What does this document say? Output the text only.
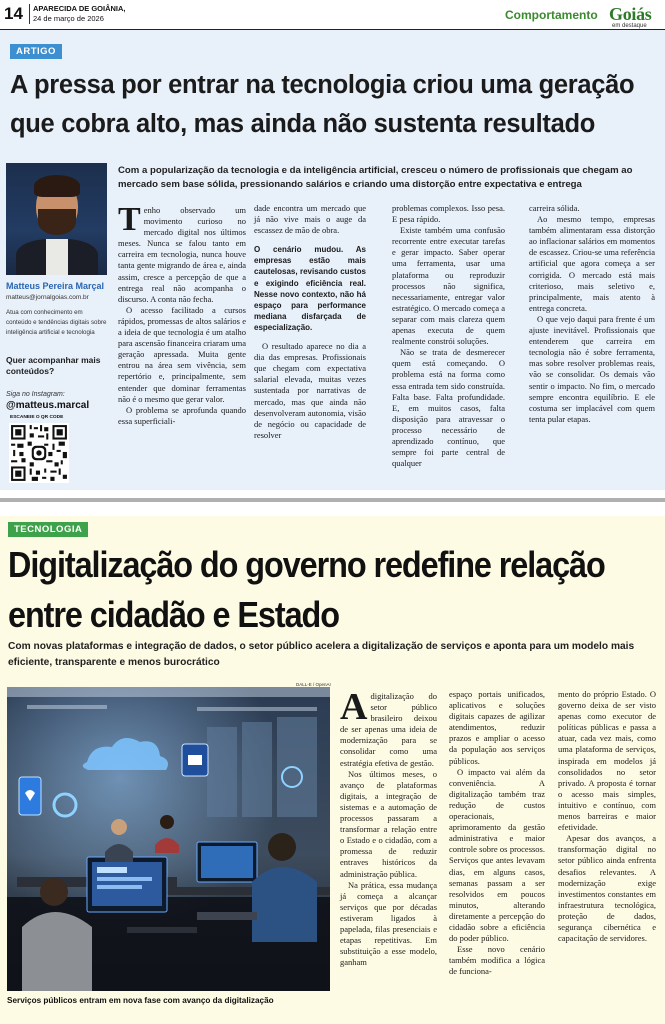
14 APARECIDA DE GOIÂNIA,
24 de março de 2026	Comportamento Goiás
em destaque
ARTIGO
A pressa por entrar na tecnologia criou uma geração que cobra alto, mas ainda não sustenta resultado
Matteus Pereira Marçal
matteus@jornalgoias.com.br
Atua com conhecimento em conteúdo e tendências digitais sobre inteligência artificial e tecnologia
Quer acompanhar mais conteúdos?
Siga no Instagram:
@matteus.marcal
ESCANEIE O QR CODE
Com a popularização da tecnologia e da inteligência artificial, cresceu o número de profissionais que chegam ao mercado sem base sólida, pressionando salários e criando uma distorção entre expectativa e entrega

Tenho observado um movimento curioso no mercado digital nos últimos meses. Nunca se falou tanto em carreira em tecnologia, nunca houve tanta gente migrando de área e, ainda assim, cresce a percepção de que a entrega real não acompanha o discurso. A conta não fecha.

O acesso facilitado a cursos rápidos, promessas de altos salários e a ideia de que tecnologia é um atalho para ascensão financeira criaram uma geração apressada. Muita gente entrou na área sem vivência, sem repertório e, principalmente, sem entender que dominar ferramentas não é o mesmo que gerar valor.

O problema se aprofunda quando essa superficiali-

dade encontra um mercado que já não vive mais o auge da escassez de mão de obra.

O cenário mudou. As empresas estão mais cautelosas, revisando custos e exigindo eficiência real. Nesse novo contexto, não há espaço para performance mediana disfarçada de especialização.

O resultado aparece no dia a dia das empresas. Profissionais que chegam com expectativa salarial elevada, muitas vezes sustentada por narrativas de mercado, mas que ainda não desenvolveram autonomia, visão de negócio ou capacidade de resolver

problemas complexos. Isso pesa. E pesa rápido.

Existe também uma confusão recorrente entre executar tarefas e gerar impacto. Saber operar uma ferramenta, usar uma plataforma ou reproduzir processos não significa, necessariamente, entregar valor estratégico. O mercado começa a separar com mais clareza quem apenas executa de quem realmente constrói soluções.

Não se trata de desmerecer quem está começando. O problema está na forma como essa entrada tem sido construída. Falta base. Falta profundidade. E, em muitos casos, falta disposição para atravessar o processo necessário de aprendizado contínuo, que sempre foi parte central de qualquer

carreira sólida.

Ao mesmo tempo, empresas também alimentaram essa distorção ao inflacionar salários em momentos de escassez. Criou-se uma referência artificial que agora começa a ser corrigida. O mercado está mais criterioso, mais seletivo e, principalmente, mais atento à entrega concreta.

O que vejo daqui para frente é um ajuste inevitável. Profissionais que entenderem que carreira em tecnologia não é sobre ferramenta, mas sobre resolver problemas reais, vão se consolidar. Os demais vão sentir o impacto. No fim, o mercado sempre encontra equilíbrio. E ele costuma ser implacável com quem tenta pular etapas.

TECNOLOGIA
Digitalização do governo redefine relação entre cidadão e Estado
Com novas plataformas e integração de dados, o setor público acelera a digitalização de serviços e aponta para um modelo mais eficiente, transparente e menos burocrático
DALL-E / OpenAI
Serviços públicos entram em nova fase com avanço da digitalização

A digitalização do setor público brasileiro deixou de ser apenas uma ideia de modernização para se consolidar como uma estratégia efetiva de gestão.

Nos últimos meses, o avanço de plataformas digitais, a integração de sistemas e a automação de processos passaram a transformar a relação entre o Estado e o cidadão, com a promessa de reduzir entraves históricos da administração pública.

Na prática, essa mudança já começa a alcançar serviços que por décadas estiveram ligados à papelada, filas presenciais e etapas repetitivas. Em substituição a esse modelo, ganham

espaço portais unificados, aplicativos e soluções digitais capazes de agilizar atendimentos, reduzir prazos e ampliar o acesso da população aos serviços públicos.

O impacto vai além da conveniência. A digitalização também traz redução de custos operacionais, aprimoramento da gestão administrativa e maior controle sobre os processos. Serviços que antes levavam dias, em alguns casos, semanas passam a ser resolvidos em poucos minutos, alterando diretamente a percepção do cidadão sobre a eficiência do poder público.

Esse novo cenário também modifica a lógica de funciona-

mento do próprio Estado. O governo deixa de ser visto apenas como executor de políticas públicas e passa a atuar, cada vez mais, como uma plataforma de serviços, inspirada em modelos já consolidados no setor privado. A proposta é tornar o acesso mais simples, intuitivo e contínuo, com menos barreiras e maior efetividade.

Apesar dos avanços, a transformação digital no setor público ainda enfrenta desafios relevantes. A modernização exige investimentos constantes em infraestrutura tecnológica, proteção de dados, segurança cibernética e capacitação de servidores.
